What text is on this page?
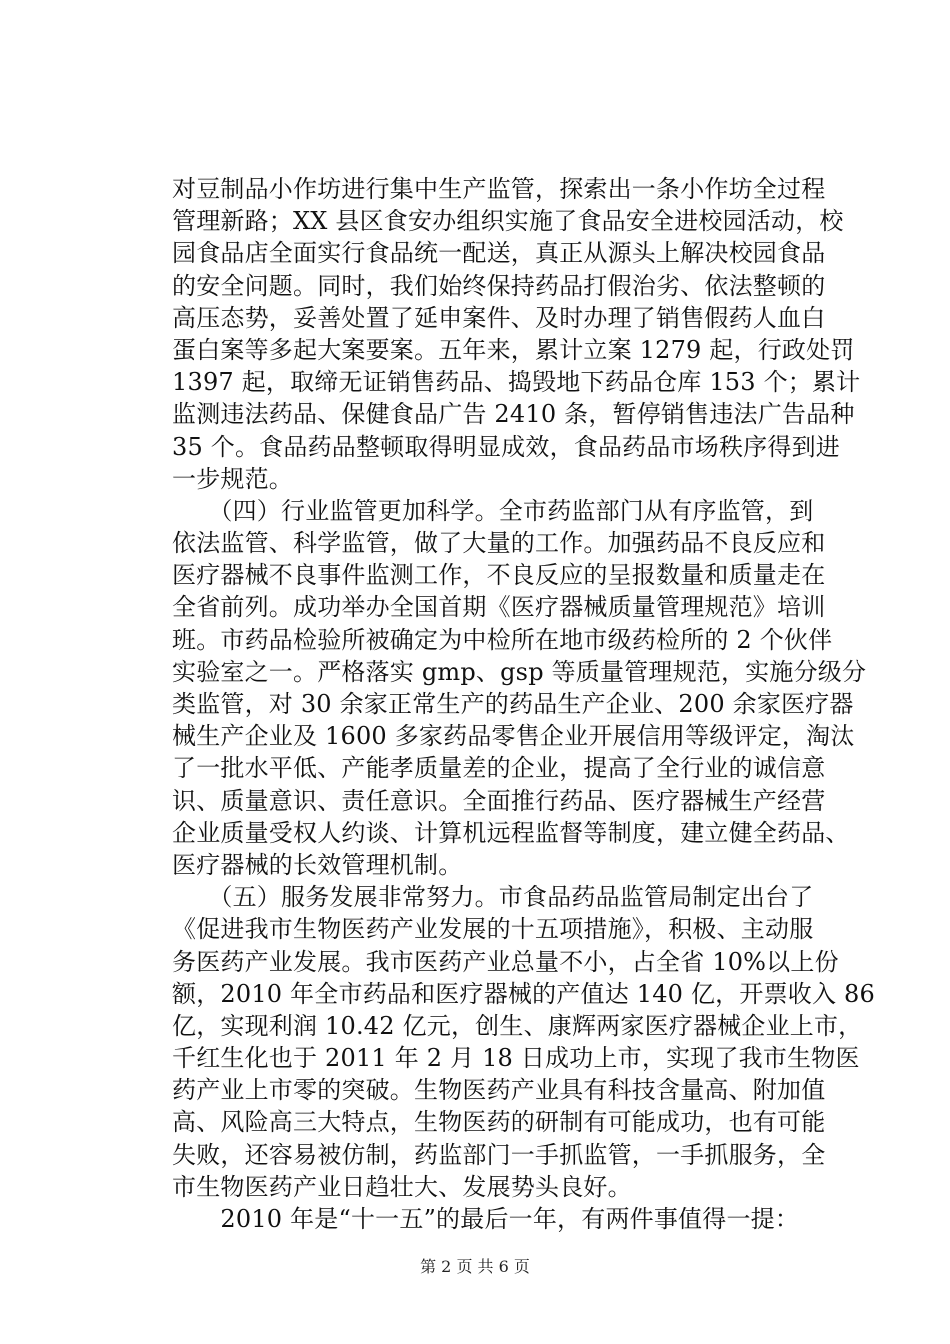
对豆制品小作坊进行集中生产监管，探索出一条小作坊全过程
管理新路；XX 县区食安办组织实施了食品安全进校园活动，校
园食品店全面实行食品统一配送，真正从源头上解决校园食品
的安全问题。同时，我们始终保持药品打假治劣、依法整顿的
高压态势，妥善处置了延申案件、及时办理了销售假药人血白
蛋白案等多起大案要案。五年来，累计立案 1279 起，行政处罚
1397 起，取缔无证销售药品、捣毁地下药品仓库 153 个；累计
监测违法药品、保健食品广告 2410 条，暂停销售违法广告品种
35 个。食品药品整顿取得明显成效，食品药品市场秩序得到进
一步规范。
　　（四）行业监管更加科学。全市药监部门从有序监管，到
依法监管、科学监管，做了大量的工作。加强药品不良反应和
医疗器械不良事件监测工作，不良反应的呈报数量和质量走在
全省前列。成功举办全国首期《医疗器械质量管理规范》培训
班。市药品检验所被确定为中检所在地市级药检所的 2 个伙伴
实验室之一。严格落实 gmp、gsp 等质量管理规范，实施分级分
类监管，对 30 余家正常生产的药品生产企业、200 余家医疗器
械生产企业及 1600 多家药品零售企业开展信用等级评定，淘汰
了一批水平低、产能孝质量差的企业，提高了全行业的诚信意
识、质量意识、责任意识。全面推行药品、医疗器械生产经营
企业质量受权人约谈、计算机远程监督等制度，建立健全药品、
医疗器械的长效管理机制。
　　（五）服务发展非常努力。市食品药品监管局制定出台了
《促进我市生物医药产业发展的十五项措施》，积极、主动服
务医药产业发展。我市医药产业总量不小，占全省 10%以上份
额，2010 年全市药品和医疗器械的产值达 140 亿，开票收入 86
亿，实现利润 10.42 亿元，创生、康辉两家医疗器械企业上市，
千红生化也于 2011 年 2 月 18 日成功上市，实现了我市生物医
药产业上市零的突破。生物医药产业具有科技含量高、附加值
高、风险高三大特点，生物医药的研制有可能成功，也有可能
失败，还容易被仿制，药监部门一手抓监管，一手抓服务，全
市生物医药产业日趋壮大、发展势头良好。
　　2010 年是“十一五”的最后一年，有两件事值得一提：
第 2 页 共 6 页
